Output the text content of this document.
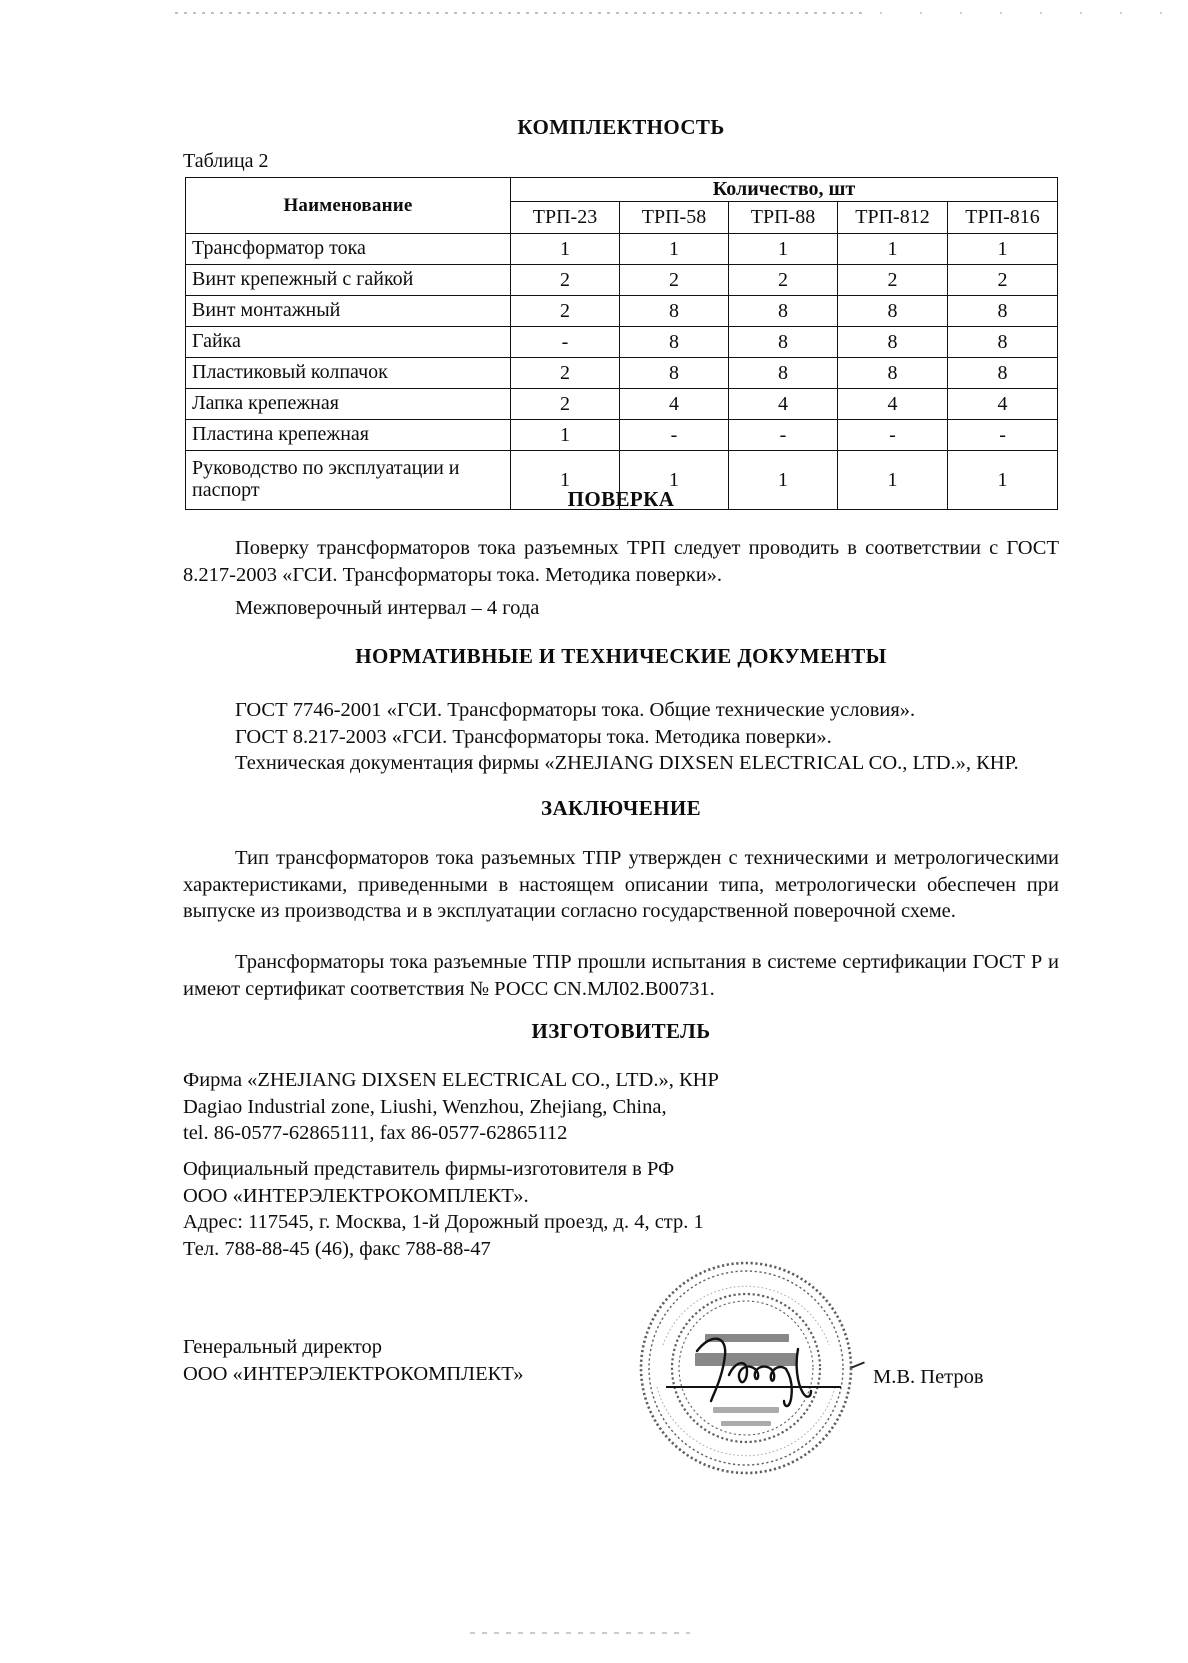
КОМПЛЕКТНОСТЬ
Таблица 2
Наименование	Количество, шт				
	ТРП-23	ТРП-58	ТРП-88	ТРП-812	ТРП-816
Трансформатор тока	1	1	1	1	1
Винт крепежный с гайкой	2	2	2	2	2
Винт монтажный	2	8	8	8	8
Гайка	-	8	8	8	8
Пластиковый колпачок	2	8	8	8	8
Лапка крепежная	2	4	4	4	4
Пластина крепежная	1	-	-	-	-
Руководство по эксплуатации и паспорт	1	1	1	1	1
ПОВЕРКА
Поверку трансформаторов тока разъемных ТРП следует проводить в соответствии с ГОСТ 8.217-2003 «ГСИ. Трансформаторы тока. Методика поверки».
Межповерочный интервал – 4 года
НОРМАТИВНЫЕ И ТЕХНИЧЕСКИЕ ДОКУМЕНТЫ
ГОСТ 7746-2001 «ГСИ. Трансформаторы тока. Общие технические условия».
ГОСТ 8.217-2003 «ГСИ. Трансформаторы тока. Методика поверки».
Техническая документация фирмы «ZHEJIANG DIXSEN ELECTRICAL CO., LTD.», КНР.
ЗАКЛЮЧЕНИЕ
Тип трансформаторов тока разъемных ТПР утвержден с техническими и метрологическими характеристиками, приведенными в настоящем описании типа, метрологически обеспечен при выпуске из производства и в эксплуатации согласно государственной поверочной схеме.
Трансформаторы тока разъемные ТПР прошли испытания в системе сертификации ГОСТ Р и имеют сертификат соответствия № РОСС CN.МЛ02.В00731.
ИЗГОТОВИТЕЛЬ
Фирма «ZHEJIANG DIXSEN ELECTRICAL CO., LTD.», КНР
Dagiao Industrial zone, Liushi, Wenzhou, Zhejiang, China,
tel. 86-0577-62865111, fax 86-0577-62865112
Официальный представитель фирмы-изготовителя в РФ
ООО «ИНТЕРЭЛЕКТРОКОМПЛЕКТ».
Адрес: 117545, г. Москва, 1-й Дорожный проезд, д. 4, стр. 1
Тел. 788-88-45 (46), факс 788-88-47
Генеральный директор
ООО «ИНТЕРЭЛЕКТРОКОМПЛЕКТ»	М.В. Петров
